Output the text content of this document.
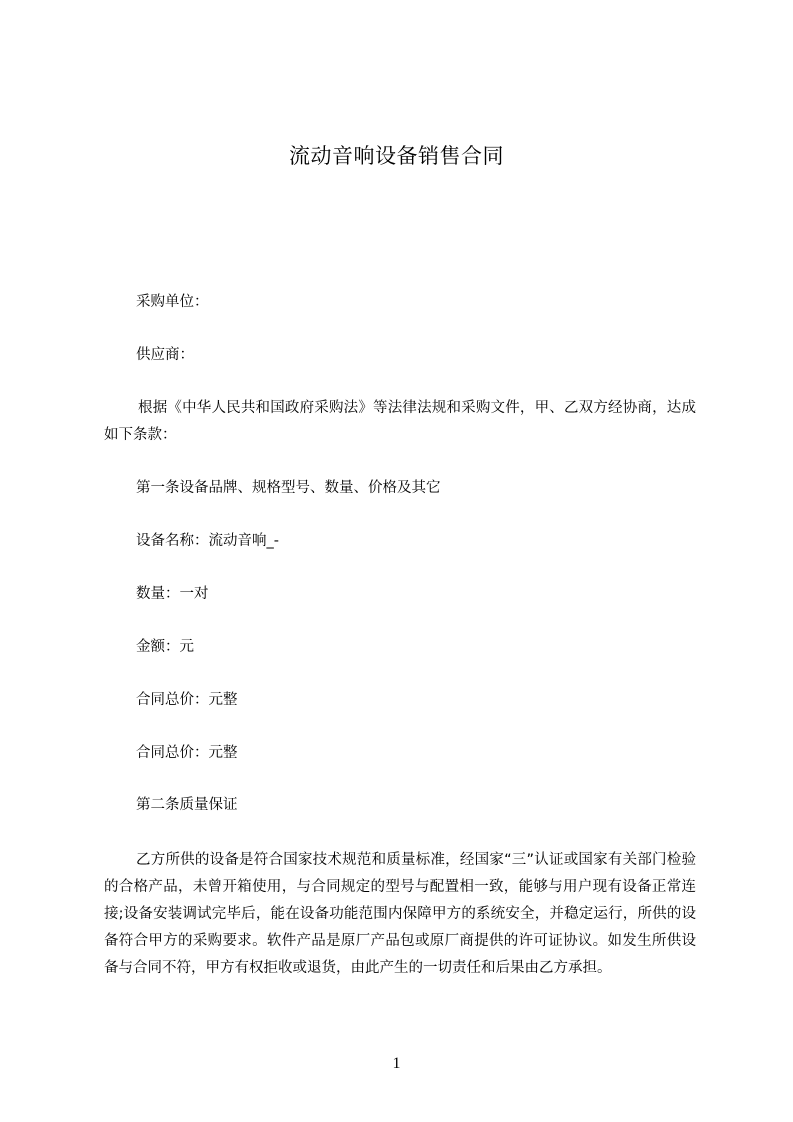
流动音响设备销售合同
采购单位：
供应商：
根据《中华人民共和国政府采购法》等法律法规和采购文件，甲、乙双方经协商，达成如下条款：
第一条设备品牌、规格型号、数量、价格及其它
设备名称：流动音响_-
数量：一对
金额：元
合同总价：元整
合同总价：元整
第二条质量保证
乙方所供的设备是符合国家技术规范和质量标准，经国家“三”认证或国家有关部门检验的合格产品，未曾开箱使用，与合同规定的型号与配置相一致，能够与用户现有设备正常连接;设备安装调试完毕后，能在设备功能范围内保障甲方的系统安全，并稳定运行，所供的设备符合甲方的采购要求。软件产品是原厂产品包或原厂商提供的许可证协议。如发生所供设备与合同不符，甲方有权拒收或退货，由此产生的一切责任和后果由乙方承担。
1
